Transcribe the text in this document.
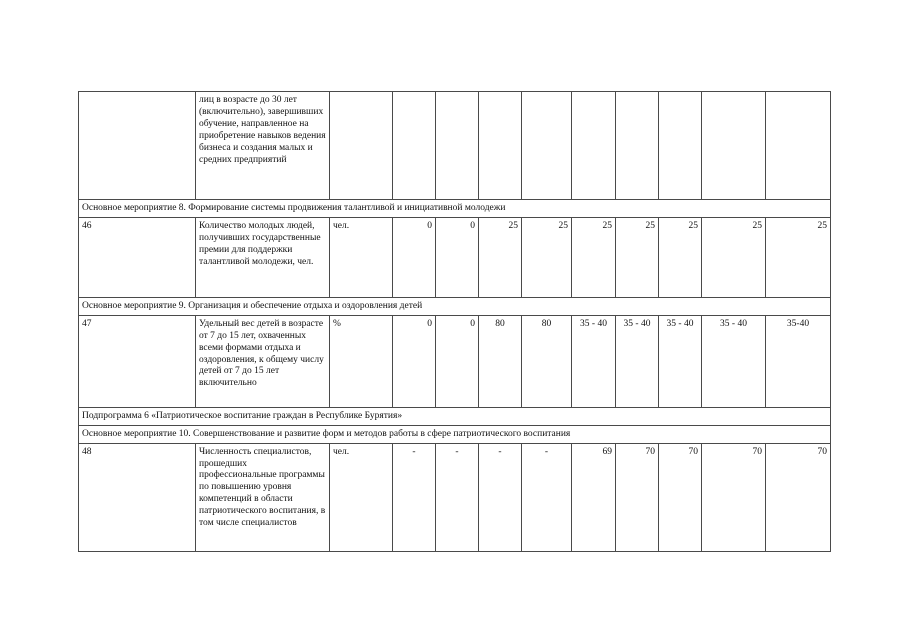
	лиц в возрасте до 30 лет (включительно), завершивших обучение, направленное на приобретение навыков ведения бизнеса и создания малых и средних предприятий										
Основное мероприятие 8. Формирование системы продвижения талантливой и инициативной молодежи											
46	Количество молодых людей, получивших государственные премии для поддержки талантливой молодежи, чел.	чел.	0	0	25	25	25	25	25	25	25
Основное мероприятие 9. Организация и обеспечение отдыха и оздоровления детей											
47	Удельный вес детей в возрасте от 7 до 15 лет, охваченных всеми формами отдыха и оздоровления, к общему числу детей от 7 до 15 лет включительно	%	0	0	80	80	35 - 40	35 - 40	35 - 40	35 - 40	35-40
Подпрограмма 6 «Патриотическое воспитание граждан в Республике Бурятия»											
Основное мероприятие 10. Совершенствование и развитие форм и методов работы в сфере патриотического воспитания											
48	Численность специалистов, прошедших профессиональные программы по повышению уровня компетенций в области патриотического воспитания, в том числе специалистов	чел.	-	-	-	-	69	70	70	70	70
